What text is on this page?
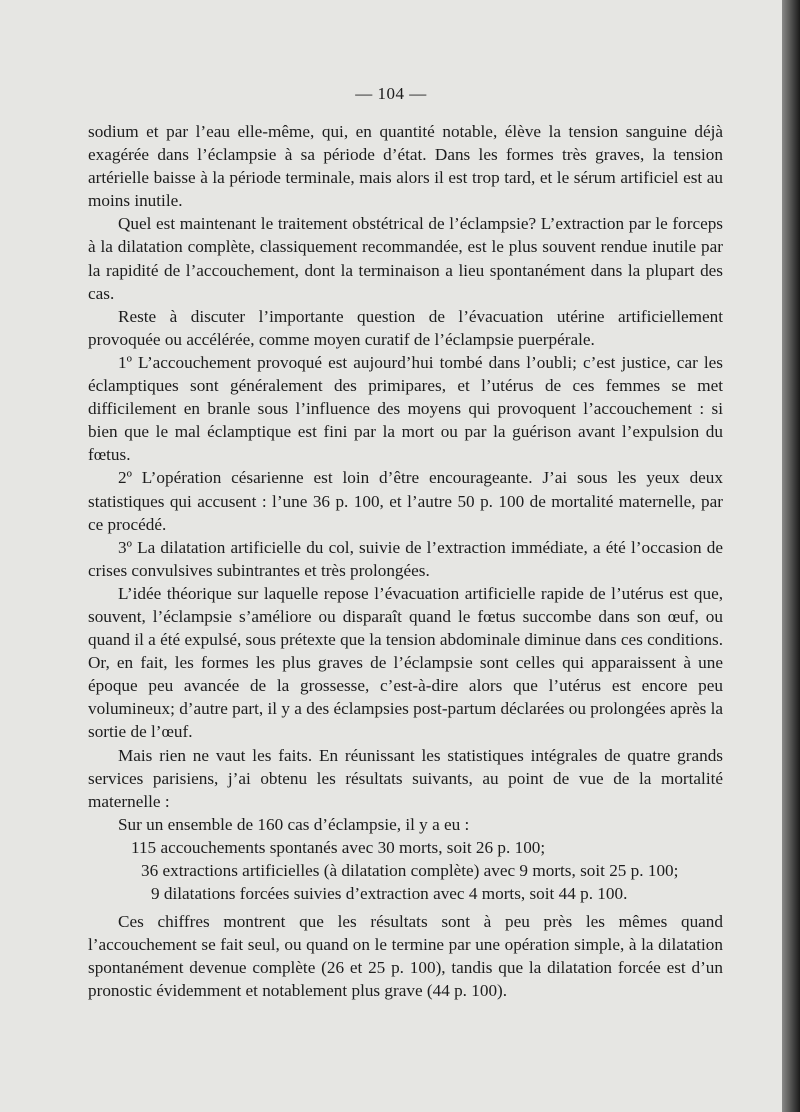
— 104 —

sodium et par l’eau elle-même, qui, en quantité notable, élève la tension sanguine déjà exagérée dans l’éclampsie à sa période d’état. Dans les formes très graves, la tension artérielle baisse à la période terminale, mais alors il est trop tard, et le sérum artificiel est au moins inutile.

Quel est maintenant le traitement obstétrical de l’éclampsie? L’extraction par le forceps à la dilatation complète, classiquement recommandée, est le plus souvent rendue inutile par la rapidité de l’accouchement, dont la terminaison a lieu spontanément dans la plupart des cas.

Reste à discuter l’importante question de l’évacuation utérine artificiellement provoquée ou accélérée, comme moyen curatif de l’éclampsie puerpérale.

1º L’accouchement provoqué est aujourd’hui tombé dans l’oubli; c’est justice, car les éclamptiques sont généralement des primipares, et l’utérus de ces femmes se met difficilement en branle sous l’influence des moyens qui provoquent l’accouchement : si bien que le mal éclamptique est fini par la mort ou par la guérison avant l’expulsion du fœtus.

2º L’opération césarienne est loin d’être encourageante. J’ai sous les yeux deux statistiques qui accusent : l’une 36 p. 100, et l’autre 50 p. 100 de mortalité maternelle, par ce procédé.

3º La dilatation artificielle du col, suivie de l’extraction immédiate, a été l’occasion de crises convulsives subintrantes et très prolongées.

L’idée théorique sur laquelle repose l’évacuation artificielle rapide de l’utérus est que, souvent, l’éclampsie s’améliore ou disparaît quand le fœtus succombe dans son œuf, ou quand il a été expulsé, sous prétexte que la tension abdominale diminue dans ces conditions. Or, en fait, les formes les plus graves de l’éclampsie sont celles qui apparaissent à une époque peu avancée de la grossesse, c’est-à-dire alors que l’utérus est encore peu volumineux; d’autre part, il y a des éclampsies post-partum déclarées ou prolongées après la sortie de l’œuf.

Mais rien ne vaut les faits. En réunissant les statistiques intégrales de quatre grands services parisiens, j’ai obtenu les résultats suivants, au point de vue de la mortalité maternelle :

Sur un ensemble de 160 cas d’éclampsie, il y a eu :
115 accouchements spontanés avec 30 morts, soit 26 p. 100;
36 extractions artificielles (à dilatation complète) avec 9 morts, soit 25 p. 100;
9 dilatations forcées suivies d’extraction avec 4 morts, soit 44 p. 100.

Ces chiffres montrent que les résultats sont à peu près les mêmes quand l’accouchement se fait seul, ou quand on le termine par une opération simple, à la dilatation spontanément devenue complète (26 et 25 p. 100), tandis que la dilatation forcée est d’un pronostic évidemment et notablement plus grave (44 p. 100).
